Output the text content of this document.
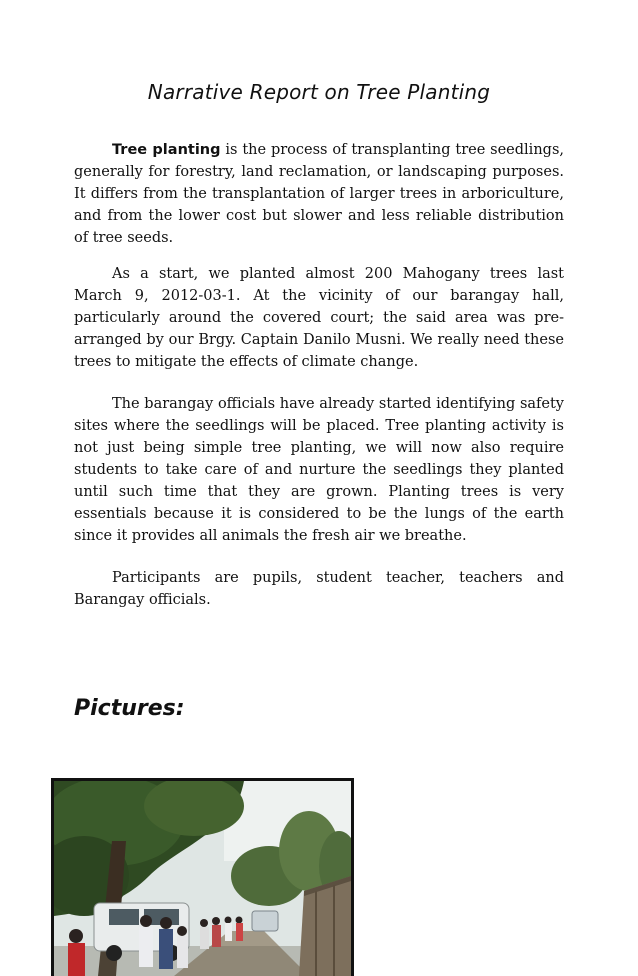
Narrative Report on Tree Planting

Tree planting is the process of transplanting tree seedlings, generally for forestry, land reclamation, or landscaping purposes. It differs from the transplantation of larger trees in arboriculture, and from the lower cost but slower and less reliable distribution of tree seeds.

As a start, we planted almost 200 Mahogany trees last March 9, 2012-03-1. At the vicinity of our barangay hall, particularly around the covered court; the said area was pre-arranged by our Brgy. Captain Danilo Musni. We really need these trees to mitigate the effects of climate change.

The barangay officials have already started identifying safety sites where the seedlings will be placed. Tree planting activity is not just being simple tree planting, we will now also require students to take care of and nurture the seedlings they planted until such time that they are grown. Planting trees is very essentials because it is considered to be the lungs of the earth since it provides all animals the fresh air we breathe.

Participants are pupils, student teacher, teachers and Barangay officials.

Pictures:
